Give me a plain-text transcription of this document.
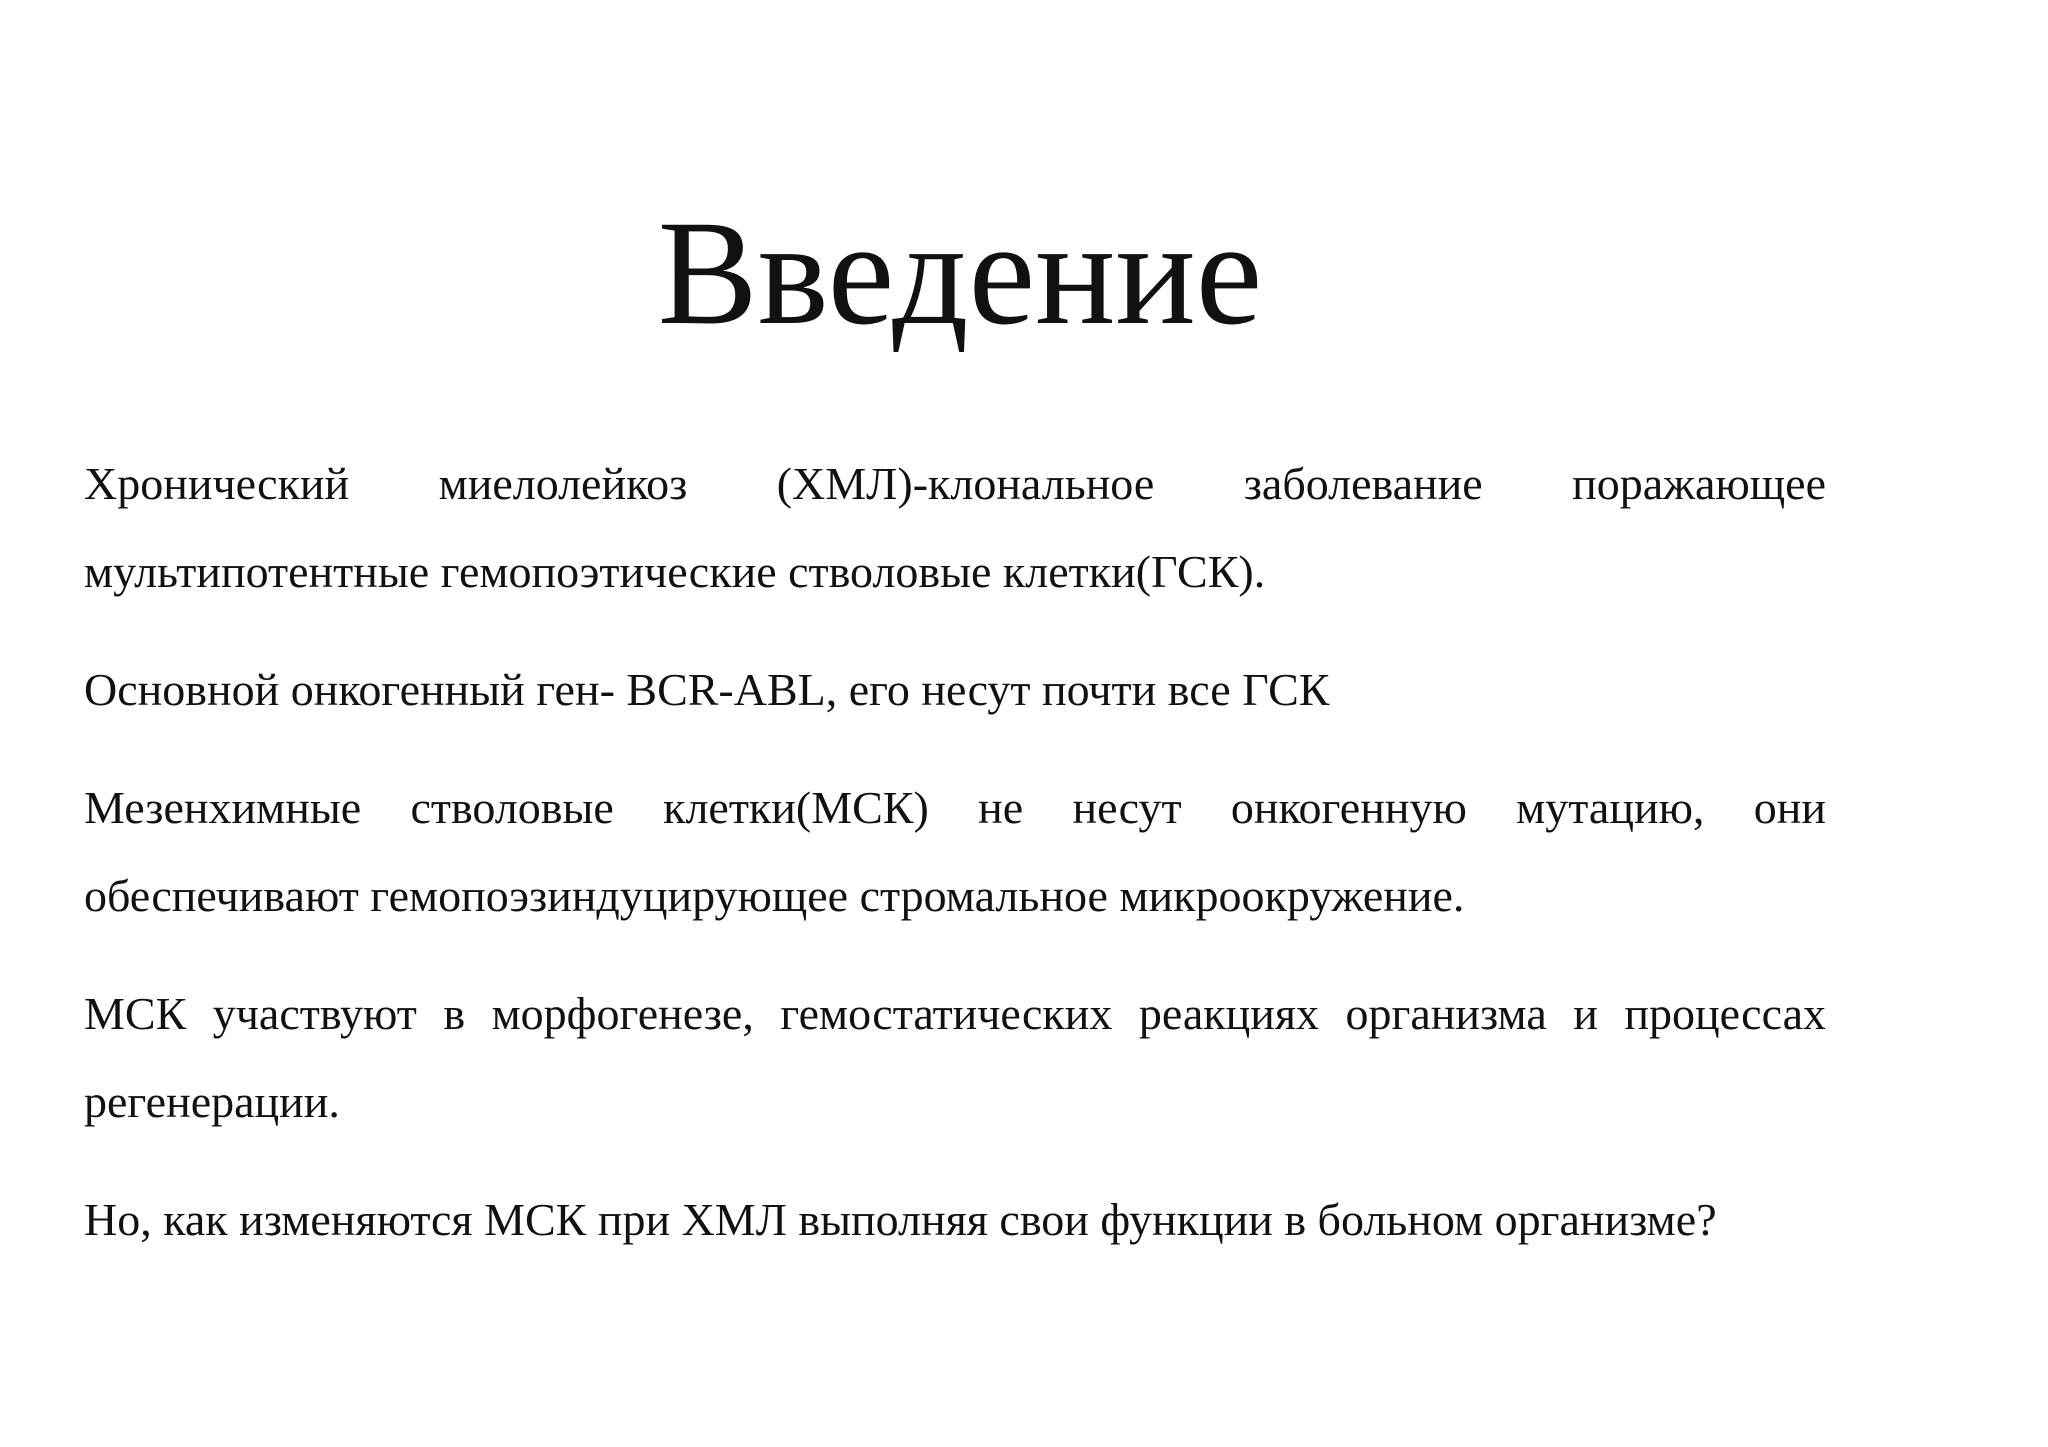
Введение

Хронический миелолейкоз (ХМЛ)-клональное заболевание поражающее мультипотентные гемопоэтические стволовые клетки(ГСК).

Основной онкогенный ген- BCR-ABL, его несут почти все ГСК

Мезенхимные стволовые клетки(МСК) не несут онкогенную мутацию, они обеспечивают гемопоэзиндуцирующее стромальное микроокружение.

МСК участвуют в морфогенезе, гемостатических реакциях организма и процессах регенерации.

Но, как изменяются МСК при ХМЛ выполняя свои функции в больном организме?
